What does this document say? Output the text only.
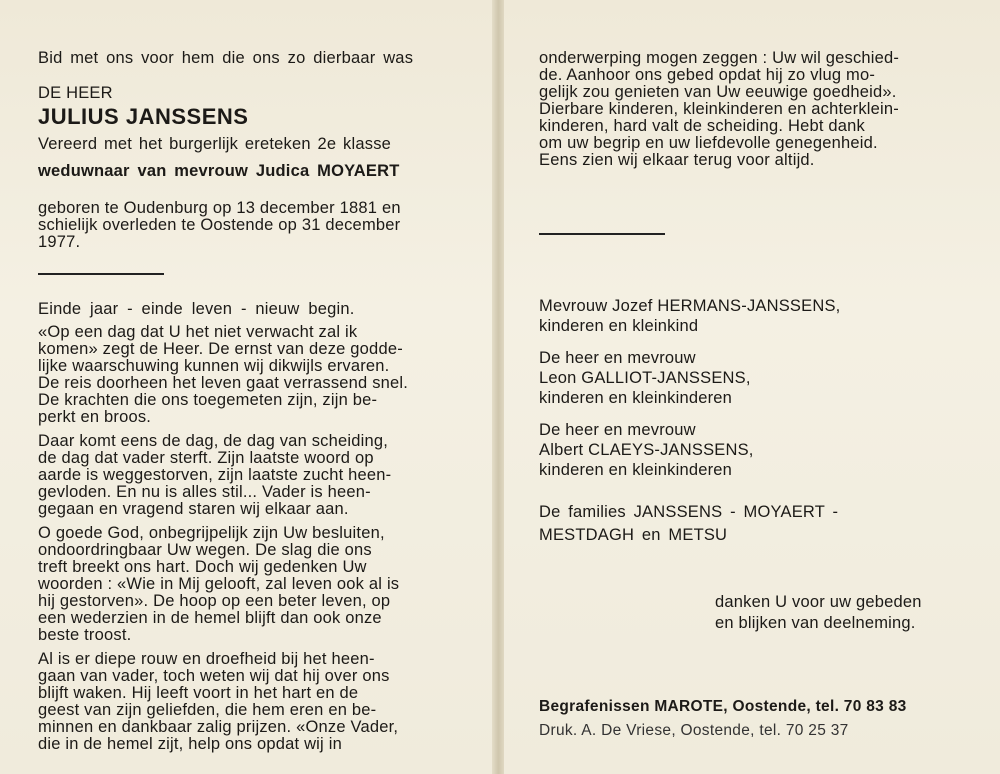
Bid met ons voor hem die ons zo dierbaar was

DE HEER

JULIUS JANSSENS

Vereerd met het burgerlijk ereteken 2e klasse

weduwnaar van mevrouw Judica MOYAERT

geboren te Oudenburg op 13 december 1881 en

schielijk overleden te Oostende op 31 december

1977.

Einde jaar - einde leven - nieuw begin.

«Op een dag dat U het niet verwacht zal ik

komen» zegt de Heer. De ernst van deze godde-

lijke waarschuwing kunnen wij dikwijls ervaren.

De reis doorheen het leven gaat verrassend snel.

De krachten die ons toegemeten zijn, zijn be-

perkt en broos.

Daar komt eens de dag, de dag van scheiding,

de dag dat vader sterft. Zijn laatste woord op

aarde is weggestorven, zijn laatste zucht heen-

gevloden. En nu is alles stil... Vader is heen-

gegaan en vragend staren wij elkaar aan.

O goede God, onbegrijpelijk zijn Uw besluiten,

ondoordringbaar Uw wegen. De slag die ons

treft breekt ons hart. Doch wij gedenken Uw

woorden : «Wie in Mij gelooft, zal leven ook al is

hij gestorven». De hoop op een beter leven, op

een wederzien in de hemel blijft dan ook onze

beste troost.

Al is er diepe rouw en droefheid bij het heen-

gaan van vader, toch weten wij dat hij over ons

blijft waken. Hij leeft voort in het hart en de

geest van zijn geliefden, die hem eren en be-

minnen en dankbaar zalig prijzen. «Onze Vader,

die in de hemel zijt, help ons opdat wij in

onderwerping mogen zeggen : Uw wil geschied-

de. Aanhoor ons gebed opdat hij zo vlug mo-

gelijk zou genieten van Uw eeuwige goedheid».

Dierbare kinderen, kleinkinderen en achterklein-

kinderen, hard valt de scheiding. Hebt dank

om uw begrip en uw liefdevolle genegenheid.

Eens zien wij elkaar terug voor altijd.

Mevrouw Jozef HERMANS-JANSSENS,

kinderen en kleinkind

De heer en mevrouw

Leon GALLIOT-JANSSENS,

kinderen en kleinkinderen

De heer en mevrouw

Albert CLAEYS-JANSSENS,

kinderen en kleinkinderen

De families JANSSENS - MOYAERT -

MESTDAGH en METSU

danken U voor uw gebeden

en blijken van deelneming.

Begrafenissen MAROTE, Oostende, tel. 70 83 83

Druk. A. De Vriese, Oostende, tel. 70 25 37
